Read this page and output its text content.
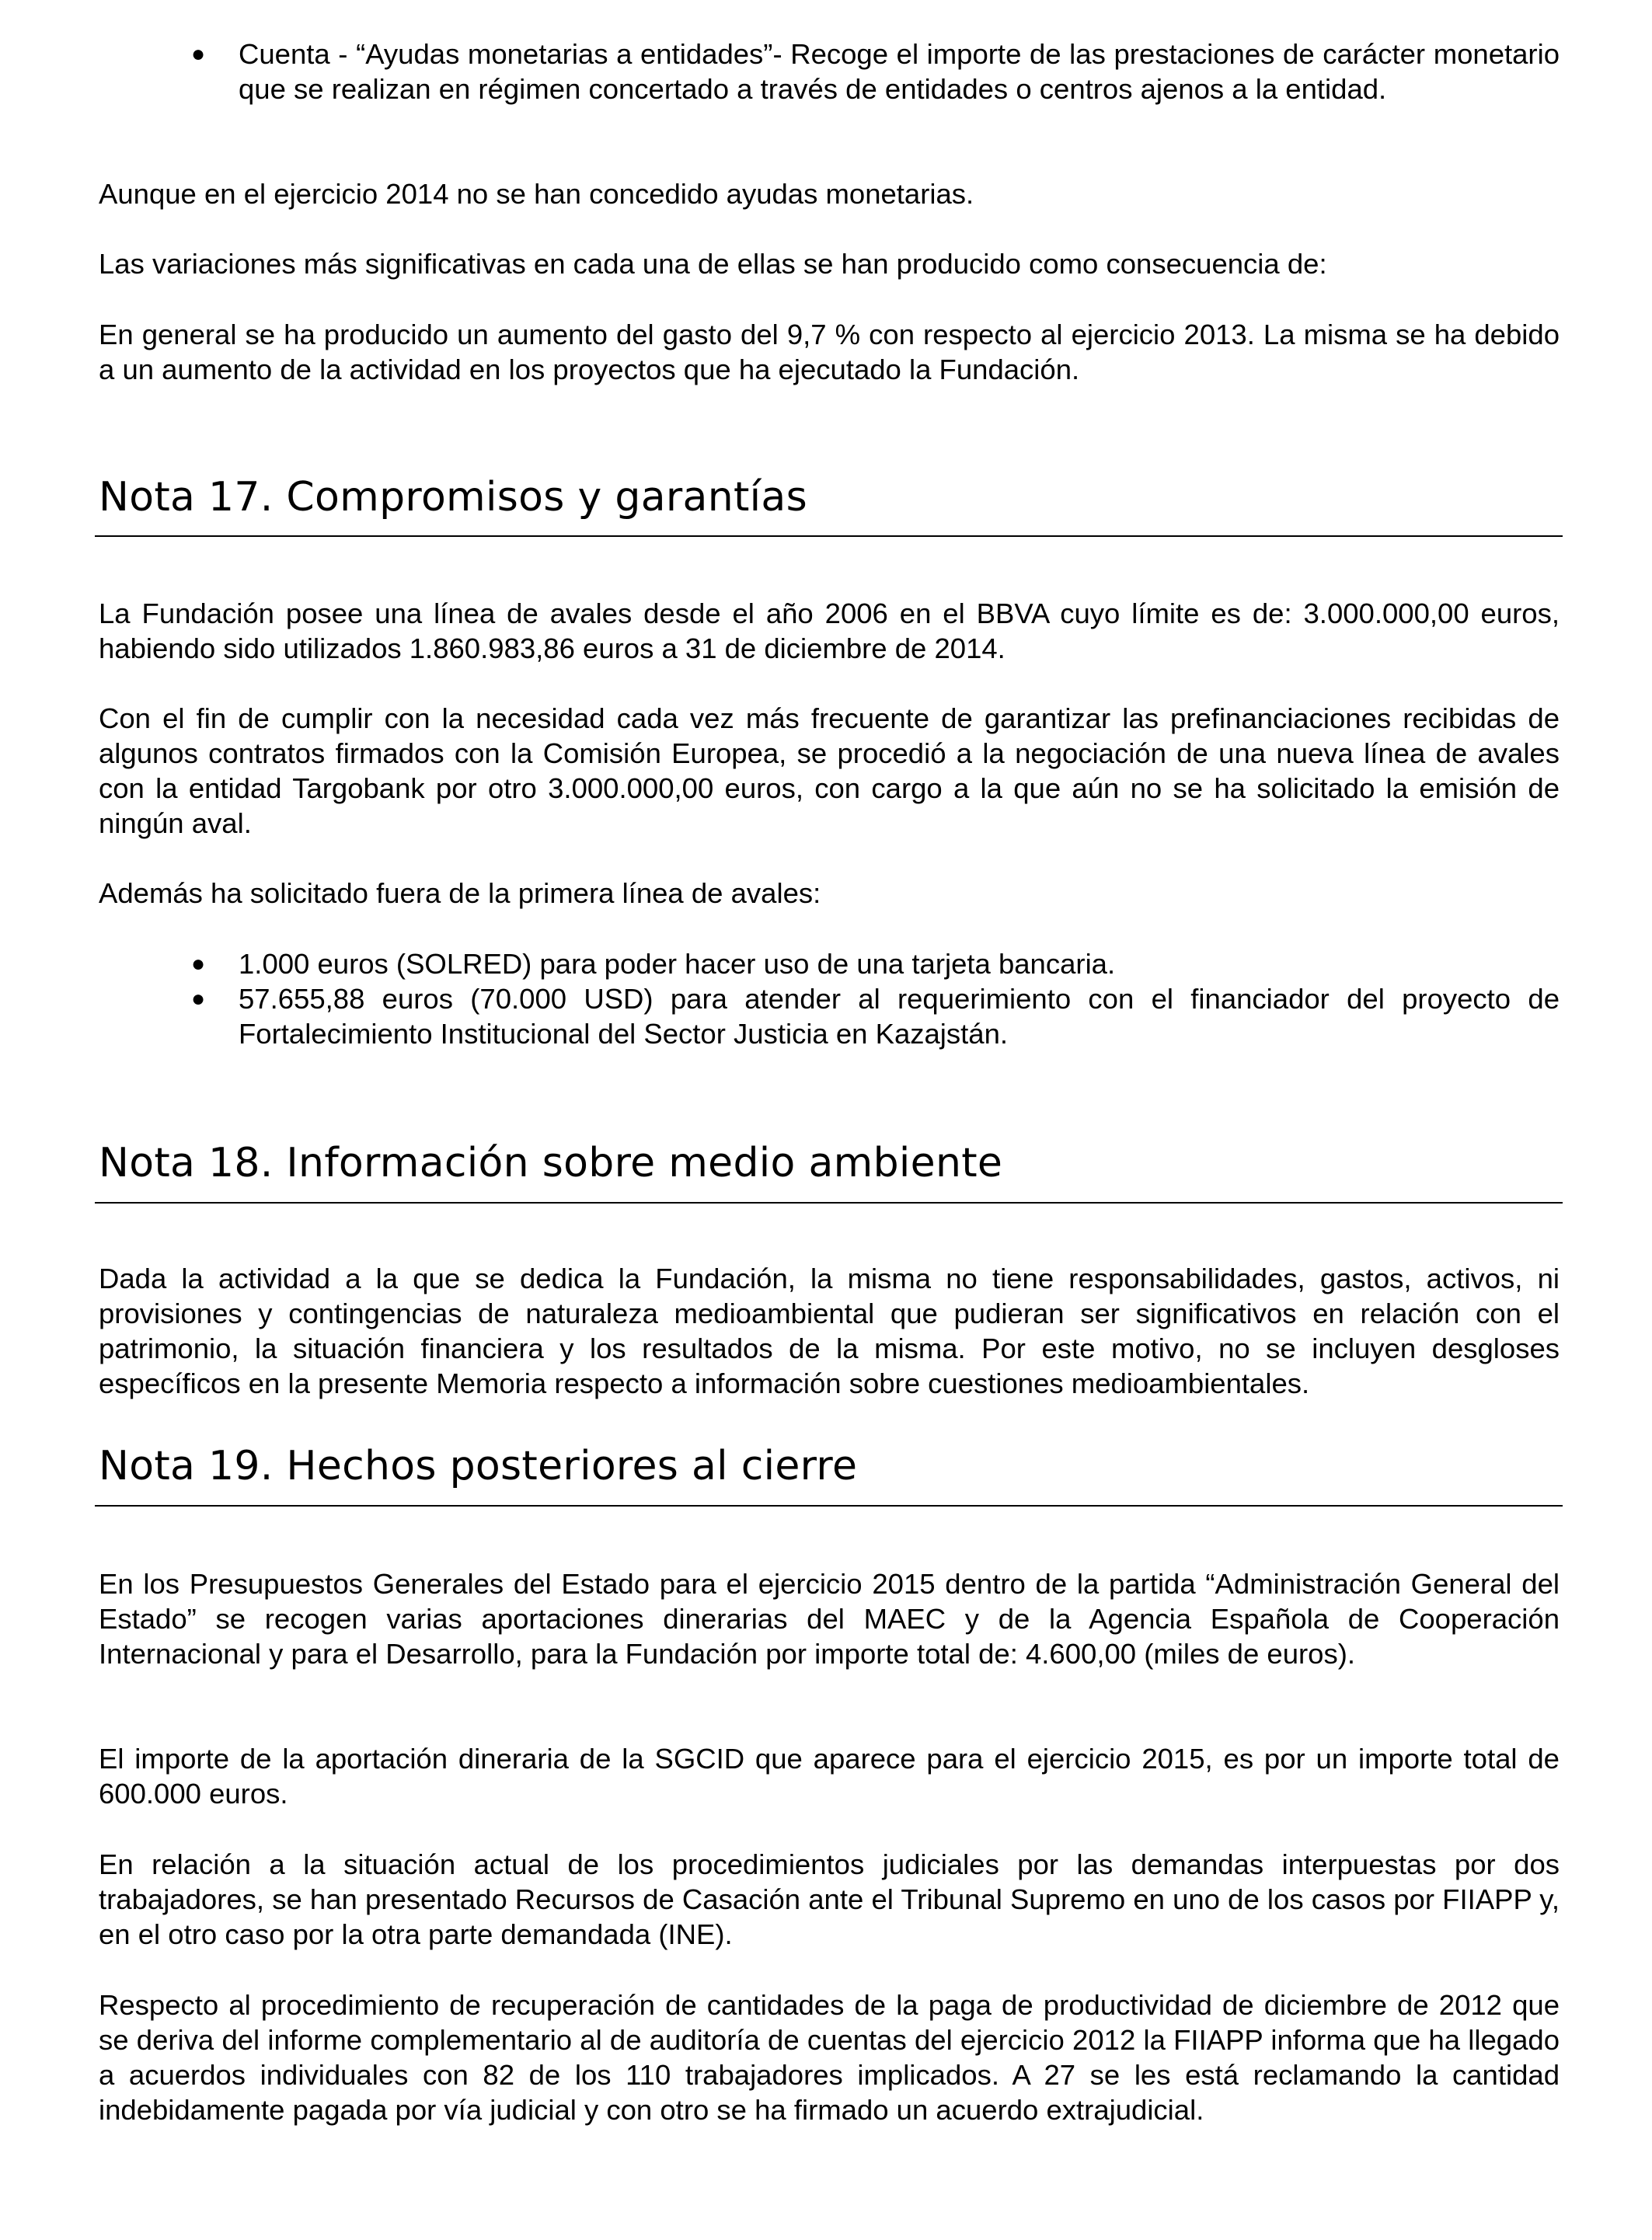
● Cuenta - “Ayudas monetarias a entidades”- Recoge el importe de las prestaciones de carácter monetario que se realizan en régimen concertado a través de entidades o centros ajenos a la entidad.

Aunque en el ejercicio 2014 no se han concedido ayudas monetarias.

Las variaciones más significativas en cada una de ellas se han producido como consecuencia de:

En general se ha producido un aumento del gasto del 9,7 % con respecto al ejercicio 2013. La misma se ha debido a un aumento de la actividad en los proyectos que ha ejecutado la Fundación.

Nota 17. Compromisos y garantías

La Fundación posee una línea de avales desde el año 2006 en el BBVA cuyo límite es de: 3.000.000,00 euros, habiendo sido utilizados 1.860.983,86 euros a 31 de diciembre de 2014.

Con el fin de cumplir con la necesidad cada vez más frecuente de garantizar las prefinanciaciones recibidas de algunos contratos firmados con la Comisión Europea, se procedió a la negociación de una nueva línea de avales con la entidad Targobank por otro 3.000.000,00 euros, con cargo a la que aún no se ha solicitado la emisión de ningún aval.

Además ha solicitado fuera de la primera línea de avales:

● 1.000 euros (SOLRED) para poder hacer uso de una tarjeta bancaria.

● 57.655,88 euros (70.000 USD) para atender al requerimiento con el financiador del proyecto de Fortalecimiento Institucional del Sector Justicia en Kazajstán.

Nota 18. Información sobre medio ambiente

Dada la actividad a la que se dedica la Fundación, la misma no tiene responsabilidades, gastos, activos, ni provisiones y contingencias de naturaleza medioambiental que pudieran ser significativos en relación con el patrimonio, la situación financiera y los resultados de la misma. Por este motivo, no se incluyen desgloses específicos en la presente Memoria respecto a información sobre cuestiones medioambientales.

Nota 19. Hechos posteriores al cierre

En los Presupuestos Generales del Estado para el ejercicio 2015 dentro de la partida “Administración General del Estado” se recogen varias aportaciones dinerarias del MAEC y de la Agencia Española de Cooperación Internacional y para el Desarrollo, para la Fundación por importe total de: 4.600,00 (miles de euros).

El importe de la aportación dineraria de la SGCID que aparece para el ejercicio 2015, es por un importe total de 600.000 euros.

En relación a la situación actual de los procedimientos judiciales por las demandas interpuestas por dos trabajadores, se han presentado Recursos de Casación ante el Tribunal Supremo en uno de los casos por FIIAPP y, en el otro caso por la otra parte demandada (INE).

Respecto al procedimiento de recuperación de cantidades de la paga de productividad de diciembre de 2012 que se deriva del informe complementario al de auditoría de cuentas del ejercicio 2012 la FIIAPP informa que ha llegado a acuerdos individuales con 82 de los 110 trabajadores implicados. A 27 se les está reclamando la cantidad indebidamente pagada por vía judicial y con otro se ha firmado un acuerdo extrajudicial.
